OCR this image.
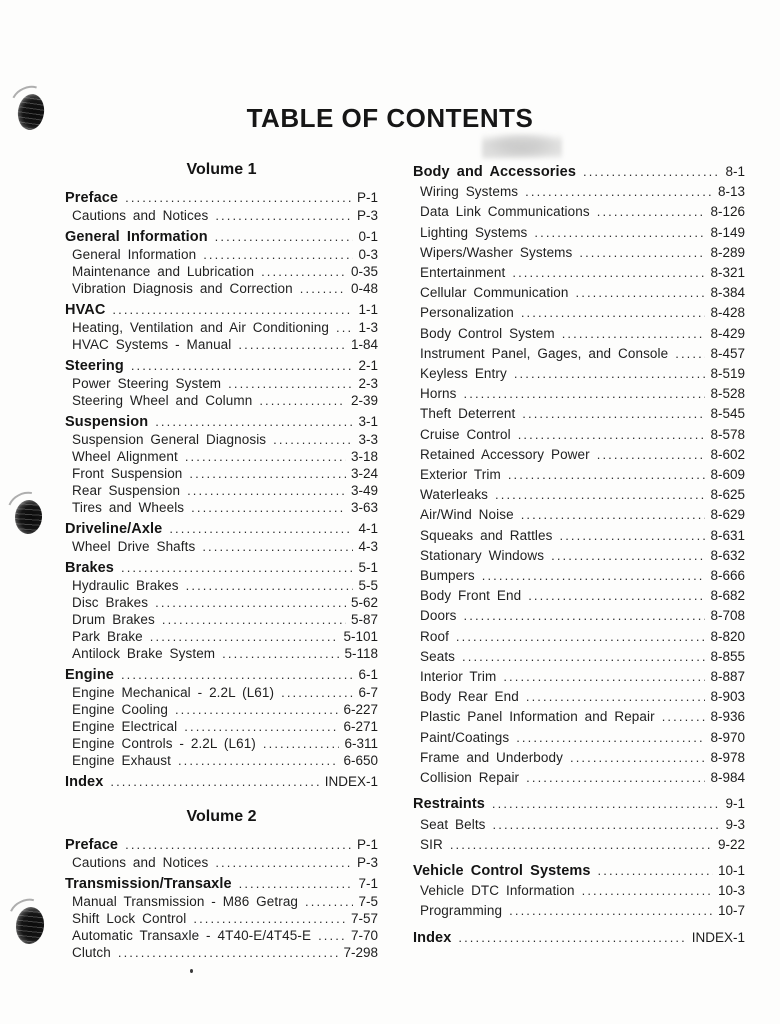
TABLE OF CONTENTS
Volume 1
Preface .....	P-1
Cautions and Notices .....	P-3
General Information .....	0-1
General Information .....	0-3
Maintenance and Lubrication .....	0-35
Vibration Diagnosis and Correction .....	0-48
HVAC .....	1-1
Heating, Ventilation and Air Conditioning ..... 1-3
HVAC Systems - Manual .....	1-84
Steering .....	2-1
Power Steering System .....	2-3
Steering Wheel and Column .....	2-39
Suspension .....	3-1
Suspension General Diagnosis .....	3-3
Wheel Alignment .....	3-18
Front Suspension .....	3-24
Rear Suspension .....	3-49
Tires and Wheels .....	3-63
Driveline/Axle .....	4-1
Wheel Drive Shafts .....	4-3
Brakes .....	5-1
Hydraulic Brakes .....	5-5
Disc Brakes .....	5-62
Drum Brakes .....	5-87
Park Brake .....	5-101
Antilock Brake System .....	5-118
Engine .....	6-1
Engine Mechanical - 2.2L (L61) .....	6-7
Engine Cooling .....	6-227
Engine Electrical .....	6-271
Engine Controls - 2.2L (L61) .....	6-311
Engine Exhaust .....	6-650
Index .....	INDEX-1
Volume 2
Preface .....	P-1
Cautions and Notices .....	P-3
Transmission/Transaxle .....	7-1
Manual Transmission - M86 Getrag .....	7-5
Shift Lock Control .....	7-57
Automatic Transaxle - 4T40-E/4T45-E .....	7-70
Clutch .....	7-298
Body and Accessories .....	8-1
Wiring Systems .....	8-13
Data Link Communications .....	8-126
Lighting Systems .....	8-149
Wipers/Washer Systems .....	8-289
Entertainment .....	8-321
Cellular Communication .....	8-384
Personalization .....	8-428
Body Control System .....	8-429
Instrument Panel, Gages, and Console .....	8-457
Keyless Entry .....	8-519
Horns .....	8-528
Theft Deterrent .....	8-545
Cruise Control .....	8-578
Retained Accessory Power .....	8-602
Exterior Trim .....	8-609
Waterleaks .....	8-625
Air/Wind Noise .....	8-629
Squeaks and Rattles .....	8-631
Stationary Windows .....	8-632
Bumpers .....	8-666
Body Front End .....	8-682
Doors .....	8-708
Roof .....	8-820
Seats .....	8-855
Interior Trim .....	8-887
Body Rear End .....	8-903
Plastic Panel Information and Repair .....	8-936
Paint/Coatings .....	8-970
Frame and Underbody .....	8-978
Collision Repair .....	8-984
Restraints .....	9-1
Seat Belts .....	9-3
SIR .....	9-22
Vehicle Control Systems .....	10-1
Vehicle DTC Information .....	10-3
Programming .....	10-7
Index .....	INDEX-1
